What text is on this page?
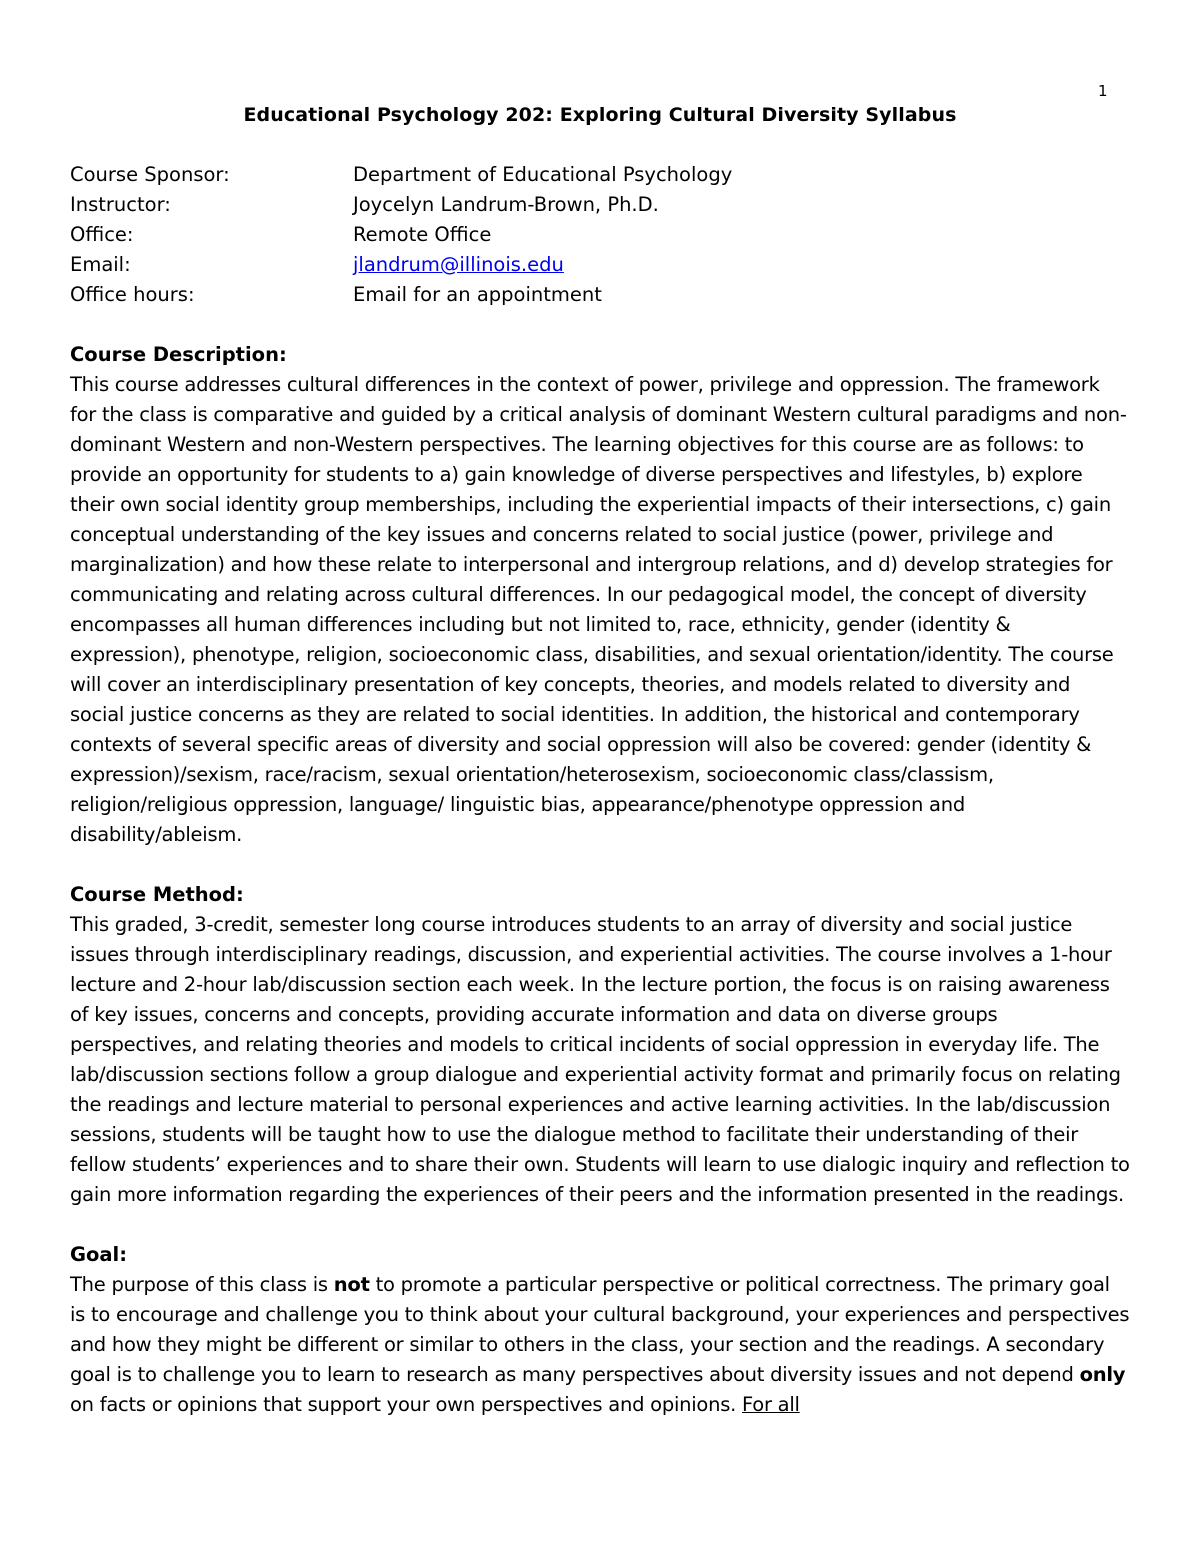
1
Educational Psychology 202: Exploring Cultural Diversity Syllabus
Course Sponsor:	Department of Educational Psychology
Instructor:	Joycelyn Landrum-Brown, Ph.D.
Office:	Remote Office
Email:	jlandrum@illinois.edu
Office hours:	Email for an appointment
Course Description:

This course addresses cultural differences in the context of power, privilege and oppression. The framework for the class is comparative and guided by a critical analysis of dominant Western cultural paradigms and non-dominant Western and non-Western perspectives. The learning objectives for this course are as follows: to provide an opportunity for students to a) gain knowledge of diverse perspectives and lifestyles, b) explore their own social identity group memberships, including the experiential impacts of their intersections, c) gain conceptual understanding of the key issues and concerns related to social justice (power, privilege and marginalization) and how these relate to interpersonal and intergroup relations, and d) develop strategies for communicating and relating across cultural differences. In our pedagogical model, the concept of diversity encompasses all human differences including but not limited to, race, ethnicity, gender (identity & expression), phenotype, religion, socioeconomic class, disabilities, and sexual orientation/identity. The course will cover an interdisciplinary presentation of key concepts, theories, and models related to diversity and social justice concerns as they are related to social identities. In addition, the historical and contemporary contexts of several specific areas of diversity and social oppression will also be covered: gender (identity & expression)/sexism, race/racism, sexual orientation/heterosexism, socioeconomic class/classism, religion/religious oppression, language/ linguistic bias, appearance/phenotype oppression and disability/ableism.

Course Method:

This graded, 3-credit, semester long course introduces students to an array of diversity and social justice issues through interdisciplinary readings, discussion, and experiential activities. The course involves a 1-hour lecture and 2-hour lab/discussion section each week. In the lecture portion, the focus is on raising awareness of key issues, concerns and concepts, providing accurate information and data on diverse groups perspectives, and relating theories and models to critical incidents of social oppression in everyday life. The lab/discussion sections follow a group dialogue and experiential activity format and primarily focus on relating the readings and lecture material to personal experiences and active learning activities. In the lab/discussion sessions, students will be taught how to use the dialogue method to facilitate their understanding of their fellow students’ experiences and to share their own. Students will learn to use dialogic inquiry and reflection to gain more information regarding the experiences of their peers and the information presented in the readings.

Goal:

The purpose of this class is not to promote a particular perspective or political correctness. The primary goal is to encourage and challenge you to think about your cultural background, your experiences and perspectives and how they might be different or similar to others in the class, your section and the readings. A secondary goal is to challenge you to learn to research as many perspectives about diversity issues and not depend only on facts or opinions that support your own perspectives and opinions. For all
